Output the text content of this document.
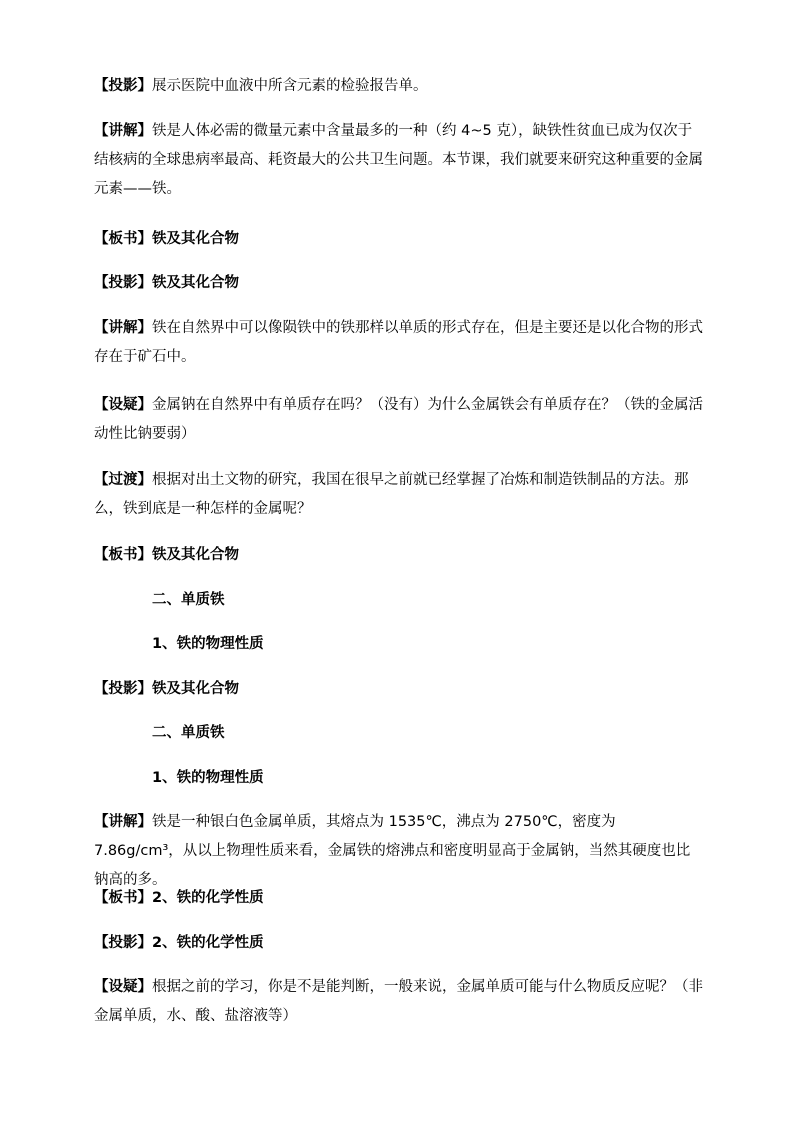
【投影】展示医院中血液中所含元素的检验报告单。

【讲解】铁是人体必需的微量元素中含量最多的一种（约 4~5 克），缺铁性贫血已成为仅次于结核病的全球患病率最高、耗资最大的公共卫生问题。本节课，我们就要来研究这种重要的金属元素——铁。

【板书】铁及其化合物

【投影】铁及其化合物

【讲解】铁在自然界中可以像陨铁中的铁那样以单质的形式存在，但是主要还是以化合物的形式存在于矿石中。

【设疑】金属钠在自然界中有单质存在吗？（没有）为什么金属铁会有单质存在？（铁的金属活动性比钠要弱）

【过渡】根据对出土文物的研究，我国在很早之前就已经掌握了冶炼和制造铁制品的方法。那么，铁到底是一种怎样的金属呢？

【板书】铁及其化合物

二、单质铁

1、铁的物理性质

【投影】铁及其化合物

二、单质铁

1、铁的物理性质

【讲解】铁是一种银白色金属单质，其熔点为 1535℃，沸点为 2750℃，密度为 7.86g/cm³，从以上物理性质来看，金属铁的熔沸点和密度明显高于金属钠，当然其硬度也比钠高的多。

【板书】2、铁的化学性质

【投影】2、铁的化学性质

【设疑】根据之前的学习，你是不是能判断，一般来说，金属单质可能与什么物质反应呢？（非金属单质，水、酸、盐溶液等）
